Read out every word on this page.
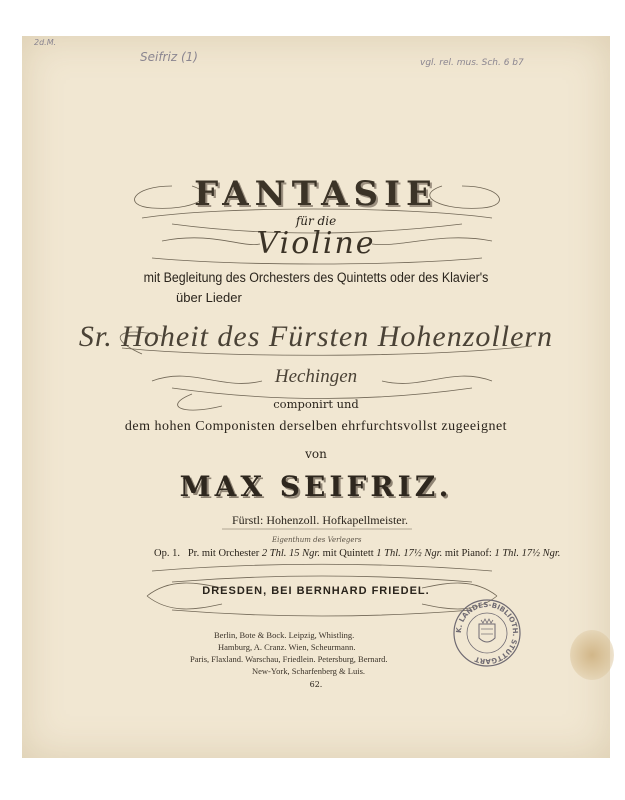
2d.M.
Seifriz (1)	vgl. rel. mus. Sch. 6 b7
FANTASIE
für die
Violine
mit Begleitung des Orchesters des Quintetts oder des Klavier's
über Lieder
Sr. Hoheit des Fürsten Hohenzollern
Hechingen
componirt und
dem hohen Componisten derselben ehrfurchtsvollst zugeeignet
von
MAX SEIFRIZ.
Fürstl: Hohenzoll. Hofkapellmeister.
Eigenthum des Verlegers
Op. 1. Pr. mit Orchester 2 Thl. 15 Ngr. mit Quintett 1 Thl. 17½ Ngr. mit Pianof: 1 Thl. 17½ Ngr.
DRESDEN, BEI BERNHARD FRIEDEL.
Berlin, Bote & Bock. Leipzig, Whistling.
Hamburg, A. Cranz. Wien, Scheurmann.
Paris, Flaxland. Warschau, Friedlein. Petersburg, Bernard.
New-York, Scharfenberg & Luis.
62.
K. LANDES-BIBLIOTH. STUTTGART
